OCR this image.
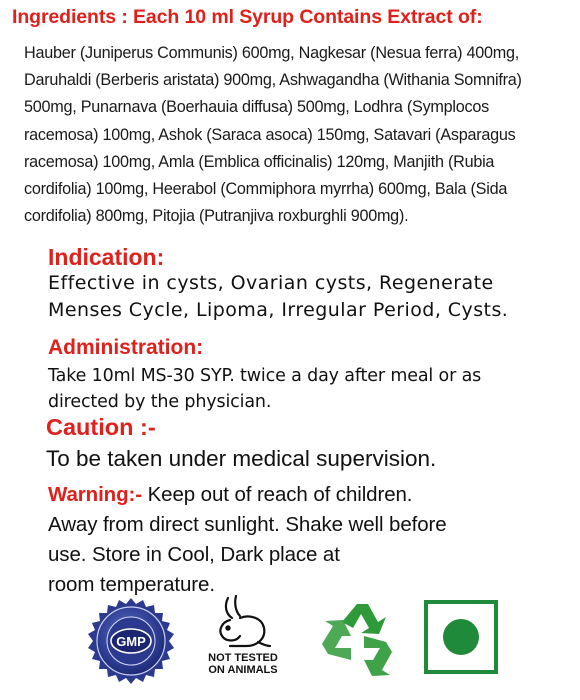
Ingredients : Each 10 ml Syrup Contains Extract of:
Hauber (Juniperus Communis) 600mg, Nagkesar (Nesua ferra) 400mg,
Daruhaldi (Berberis aristata) 900mg, Ashwagandha (Withania Somnifra)
500mg, Punarnava (Boerhauia diffusa) 500mg, Lodhra (Symplocos
racemosa) 100mg, Ashok (Saraca asoca) 150mg, Satavari (Asparagus
racemosa) 100mg, Amla (Emblica officinalis) 120mg, Manjith (Rubia
cordifolia) 100mg, Heerabol (Commiphora myrrha) 600mg, Bala (Sida
cordifolia) 800mg, Pitojia (Putranjiva roxburghli 900mg).
Indication:
Effective in cysts, Ovarian cysts, Regenerate
Menses Cycle, Lipoma, Irregular Period, Cysts.
Administration:
Take 10ml MS-30 SYP. twice a day after meal or as
directed by the physician.
Caution :-
To be taken under medical supervision.
Warning:- Keep out of reach of children.
Away from direct sunlight. Shake well before
use. Store in Cool, Dark place at
room temperature.
GMP
NOT TESTED
ON ANIMALS
